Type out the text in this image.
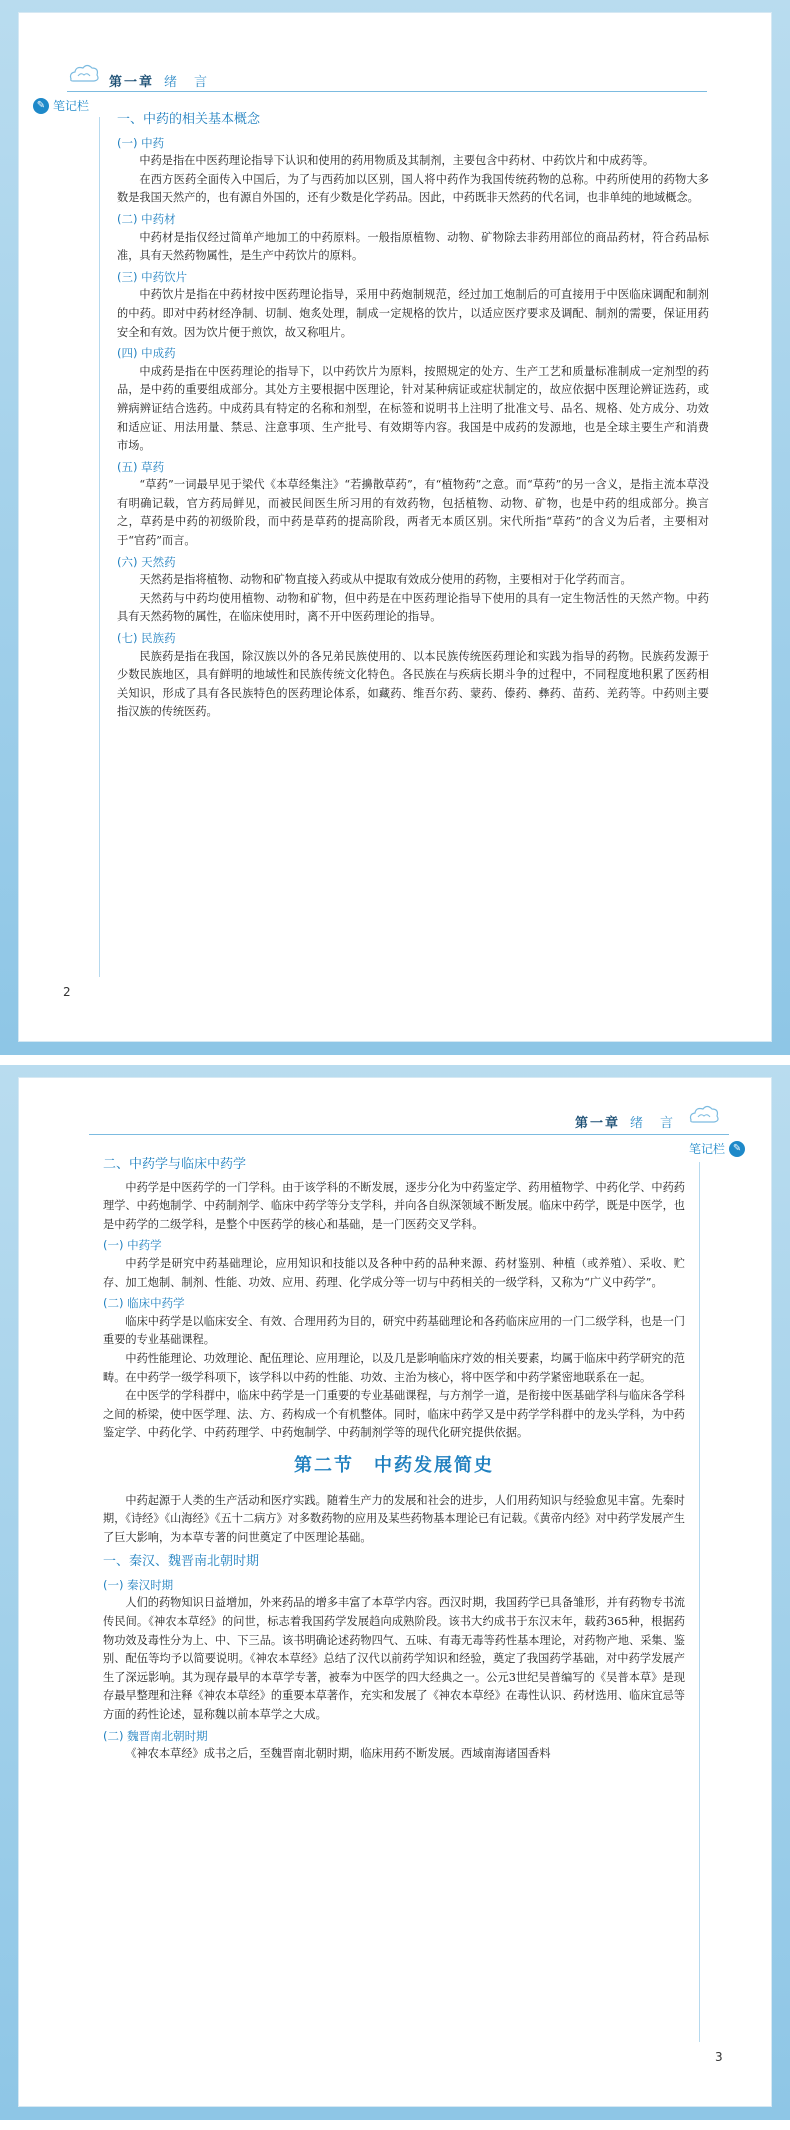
第一章 绪　言
✎ 笔记栏
一、中药的相关基本概念
(一) 中药

中药是指在中医药理论指导下认识和使用的药用物质及其制剂，主要包含中药材、中药饮片和中成药等。

在西方医药全面传入中国后，为了与西药加以区别，国人将中药作为我国传统药物的总称。中药所使用的药物大多数是我国天然产的，也有源自外国的，还有少数是化学药品。因此，中药既非天然药的代名词，也非单纯的地域概念。

(二) 中药材

中药材是指仅经过简单产地加工的中药原料。一般指原植物、动物、矿物除去非药用部位的商品药材，符合药品标准，具有天然药物属性，是生产中药饮片的原料。

(三) 中药饮片

中药饮片是指在中药材按中医药理论指导，采用中药炮制规范，经过加工炮制后的可直接用于中医临床调配和制剂的中药。即对中药材经净制、切制、炮炙处理，制成一定规格的饮片，以适应医疗要求及调配、制剂的需要，保证用药安全和有效。因为饮片便于煎饮，故又称咀片。

(四) 中成药

中成药是指在中医药理论的指导下，以中药饮片为原料，按照规定的处方、生产工艺和质量标准制成一定剂型的药品，是中药的重要组成部分。其处方主要根据中医理论，针对某种病证或症状制定的，故应依据中医理论辨证选药，或辨病辨证结合选药。中成药具有特定的名称和剂型，在标签和说明书上注明了批准文号、品名、规格、处方成分、功效和适应证、用法用量、禁忌、注意事项、生产批号、有效期等内容。我国是中成药的发源地，也是全球主要生产和消费市场。

(五) 草药

“草药”一词最早见于梁代《本草经集注》“若擤散草药”，有“植物药”之意。而“草药”的另一含义，是指主流本草没有明确记载，官方药局鲜见，而被民间医生所习用的有效药物，包括植物、动物、矿物，也是中药的组成部分。换言之，草药是中药的初级阶段，而中药是草药的提高阶段，两者无本质区别。宋代所指“草药”的含义为后者，主要相对于“官药”而言。

(六) 天然药

天然药是指将植物、动物和矿物直接入药或从中提取有效成分使用的药物，主要相对于化学药而言。

天然药与中药均使用植物、动物和矿物，但中药是在中医药理论指导下使用的具有一定生物活性的天然产物。中药具有天然药物的属性，在临床使用时，离不开中医药理论的指导。

(七) 民族药

民族药是指在我国，除汉族以外的各兄弟民族使用的、以本民族传统医药理论和实践为指导的药物。民族药发源于少数民族地区，具有鲜明的地域性和民族传统文化特色。各民族在与疾病长期斗争的过程中，不同程度地积累了医药相关知识，形成了具有各民族特色的医药理论体系，如藏药、维吾尔药、蒙药、傣药、彝药、苗药、羌药等。中药则主要指汉族的传统医药。

2
第一章 绪　言
笔记栏 ✎
二、中药学与临床中药学

中药学是中医药学的一门学科。由于该学科的不断发展，逐步分化为中药鉴定学、药用植物学、中药化学、中药药理学、中药炮制学、中药制剂学、临床中药学等分支学科，并向各自纵深领域不断发展。临床中药学，既是中医学，也是中药学的二级学科，是整个中医药学的核心和基础，是一门医药交叉学科。

(一) 中药学

中药学是研究中药基础理论，应用知识和技能以及各种中药的品种来源、药材鉴别、种植（或养殖）、采收、贮存、加工炮制、制剂、性能、功效、应用、药理、化学成分等一切与中药相关的一级学科，又称为“广义中药学”。

(二) 临床中药学

临床中药学是以临床安全、有效、合理用药为目的，研究中药基础理论和各药临床应用的一门二级学科，也是一门重要的专业基础课程。

中药性能理论、功效理论、配伍理论、应用理论，以及几是影响临床疗效的相关要素，均属于临床中药学研究的范畴。在中药学一级学科项下，该学科以中药的性能、功效、主治为核心，将中医学和中药学紧密地联系在一起。

在中医学的学科群中，临床中药学是一门重要的专业基础课程，与方剂学一道，是衔接中医基础学科与临床各学科之间的桥梁，使中医学理、法、方、药构成一个有机整体。同时，临床中药学又是中药学学科群中的龙头学科，为中药鉴定学、中药化学、中药药理学、中药炮制学、中药制剂学等的现代化研究提供依据。

第二节　中药发展简史

中药起源于人类的生产活动和医疗实践。随着生产力的发展和社会的进步，人们用药知识与经验愈见丰富。先秦时期，《诗经》《山海经》《五十二病方》对多数药物的应用及某些药物基本理论已有记载。《黄帝内经》对中药学发展产生了巨大影响，为本草专著的问世奠定了中医理论基础。

一、秦汉、魏晋南北朝时期
(一) 秦汉时期

人们的药物知识日益增加，外来药品的增多丰富了本草学内容。西汉时期，我国药学已具备雏形，并有药物专书流传民间。《神农本草经》的问世，标志着我国药学发展趋向成熟阶段。该书大约成书于东汉末年，载药365种，根据药物功效及毒性分为上、中、下三品。该书明确论述药物四气、五味、有毒无毒等药性基本理论，对药物产地、采集、鉴别、配伍等均予以简要说明。《神农本草经》总结了汉代以前药学知识和经验，奠定了我国药学基础，对中药学发展产生了深远影响。其为现存最早的本草学专著，被奉为中医学的四大经典之一。公元3世纪吴普编写的《吴普本草》是现存最早整理和注释《神农本草经》的重要本草著作，充实和发展了《神农本草经》在毒性认识、药材选用、临床宜忌等方面的药性论述，显称魏以前本草学之大成。

(二) 魏晋南北朝时期

《神农本草经》成书之后，至魏晋南北朝时期，临床用药不断发展。西域南海诸国香料

3
